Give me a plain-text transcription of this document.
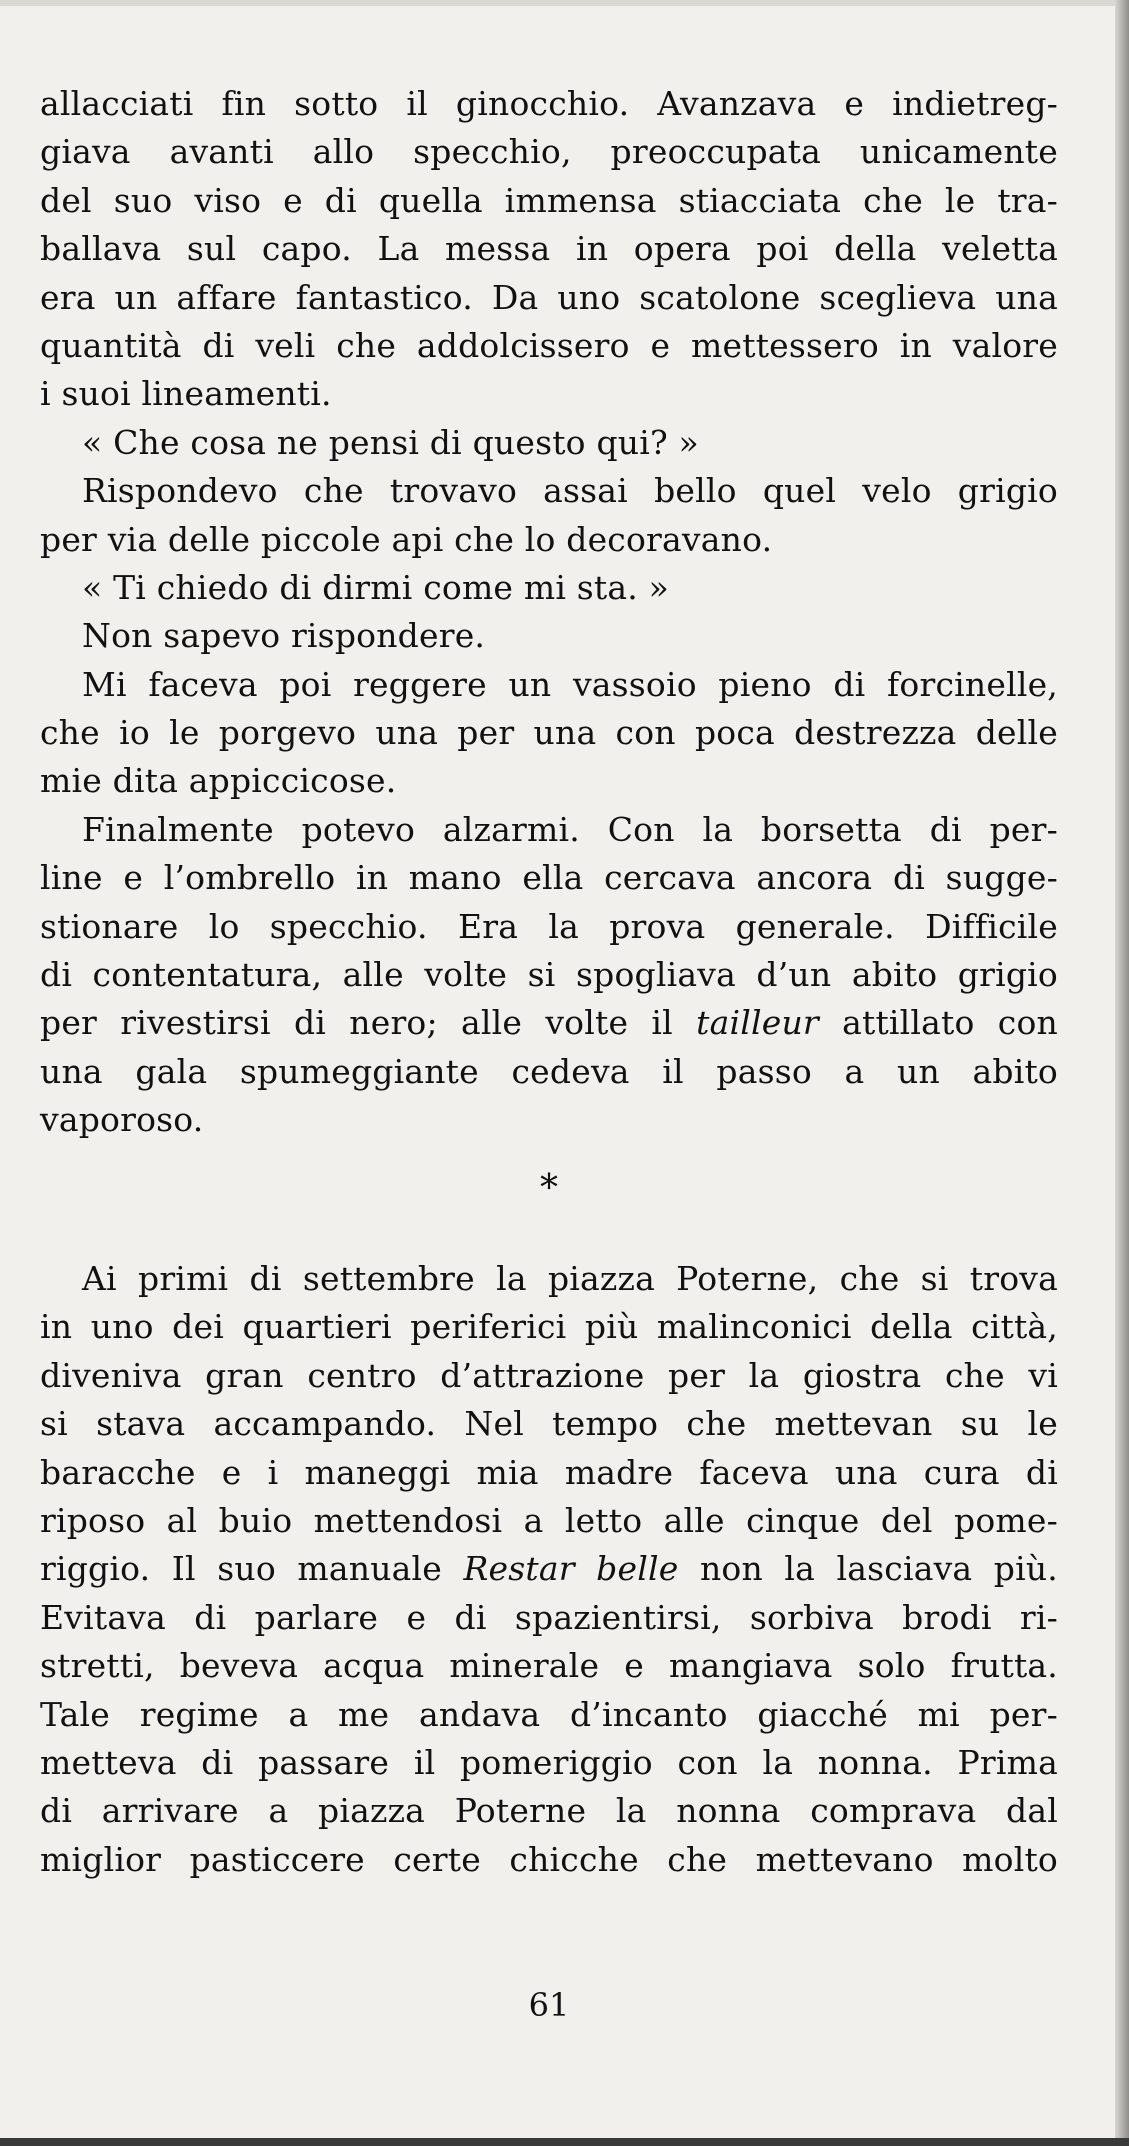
allacciati fin sotto il ginocchio. Avanzava e indietreg-
giava avanti allo specchio, preoccupata unicamente
del suo viso e di quella immensa stiacciata che le tra-
ballava sul capo. La messa in opera poi della veletta
era un affare fantastico. Da uno scatolone sceglieva una
quantità di veli che addolcissero e mettessero in valore
i suoi lineamenti.
« Che cosa ne pensi di questo qui? »
Rispondevo che trovavo assai bello quel velo grigio
per via delle piccole api che lo decoravano.
« Ti chiedo di dirmi come mi sta. »
Non sapevo rispondere.
Mi faceva poi reggere un vassoio pieno di forcinelle,
che io le porgevo una per una con poca destrezza delle
mie dita appiccicose.
Finalmente potevo alzarmi. Con la borsetta di per-
line e l’ombrello in mano ella cercava ancora di sugge-
stionare lo specchio. Era la prova generale. Difficile
di contentatura, alle volte si spogliava d’un abito grigio
per rivestirsi di nero; alle volte il tailleur attillato con
una gala spumeggiante cedeva il passo a un abito
vaporoso.
*
Ai primi di settembre la piazza Poterne, che si trova
in uno dei quartieri periferici più malinconici della città,
diveniva gran centro d’attrazione per la giostra che vi
si stava accampando. Nel tempo che mettevan su le
baracche e i maneggi mia madre faceva una cura di
riposo al buio mettendosi a letto alle cinque del pome-
riggio. Il suo manuale Restar belle non la lasciava più.
Evitava di parlare e di spazientirsi, sorbiva brodi ri-
stretti, beveva acqua minerale e mangiava solo frutta.
Tale regime a me andava d’incanto giacché mi per-
metteva di passare il pomeriggio con la nonna. Prima
di arrivare a piazza Poterne la nonna comprava dal
miglior pasticcere certe chicche che mettevano molto
61
